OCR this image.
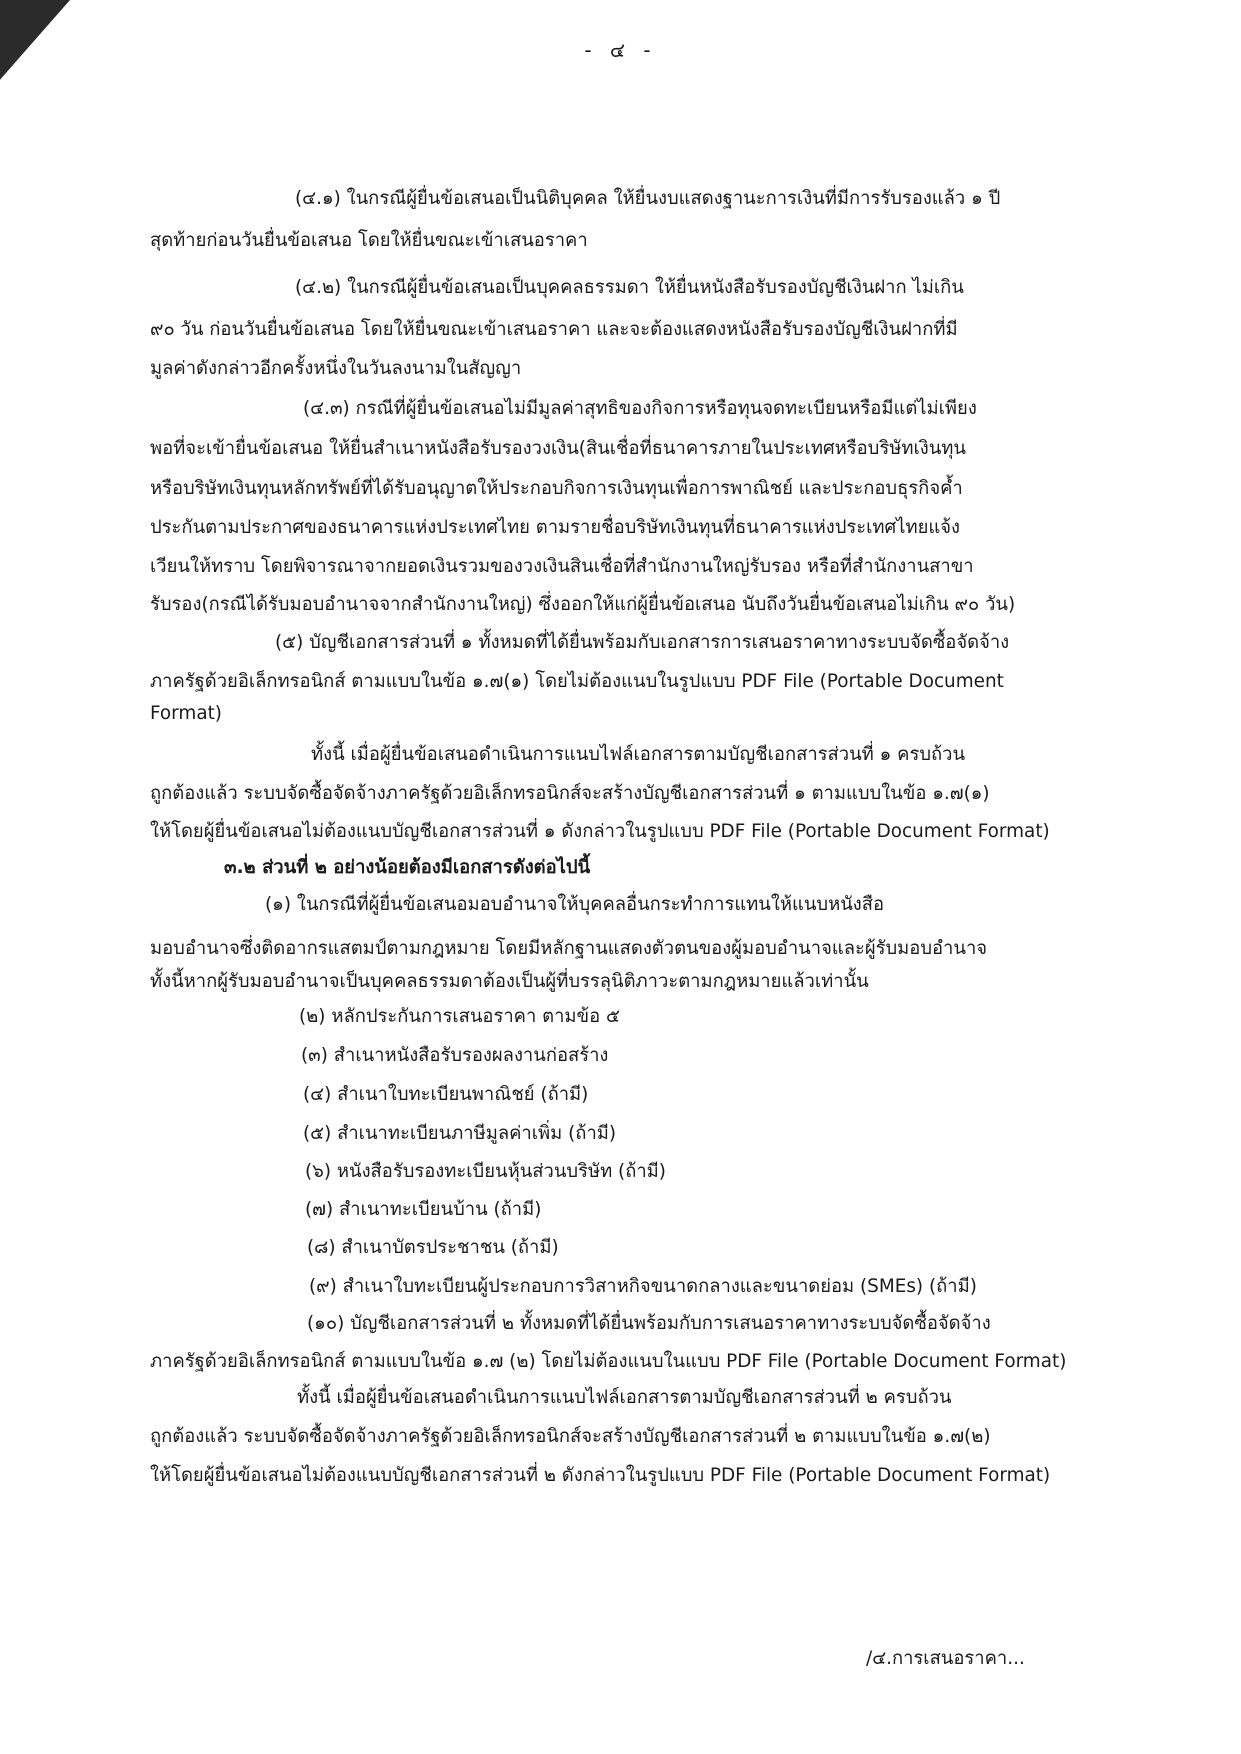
- ๔ -
(๔.๑) ในกรณีผู้ยื่นข้อเสนอเป็นนิติบุคคล ให้ยื่นงบแสดงฐานะการเงินที่มีการรับรองแล้ว ๑ ปี
สุดท้ายก่อนวันยื่นข้อเสนอ โดยให้ยื่นขณะเข้าเสนอราคา
(๔.๒) ในกรณีผู้ยื่นข้อเสนอเป็นบุคคลธรรมดา ให้ยื่นหนังสือรับรองบัญชีเงินฝาก ไม่เกิน
๙๐ วัน ก่อนวันยื่นข้อเสนอ โดยให้ยื่นขณะเข้าเสนอราคา และจะต้องแสดงหนังสือรับรองบัญชีเงินฝากที่มี
มูลค่าดังกล่าวอีกครั้งหนึ่งในวันลงนามในสัญญา
(๔.๓) กรณีที่ผู้ยื่นข้อเสนอไม่มีมูลค่าสุทธิของกิจการหรือทุนจดทะเบียนหรือมีแต่ไม่เพียง
พอที่จะเข้ายื่นข้อเสนอ ให้ยื่นสำเนาหนังสือรับรองวงเงิน(สินเชื่อที่ธนาคารภายในประเทศหรือบริษัทเงินทุน
หรือบริษัทเงินทุนหลักทรัพย์ที่ได้รับอนุญาตให้ประกอบกิจการเงินทุนเพื่อการพาณิชย์ และประกอบธุรกิจค้ำ
ประกันตามประกาศของธนาคารแห่งประเทศไทย ตามรายชื่อบริษัทเงินทุนที่ธนาคารแห่งประเทศไทยแจ้ง
เวียนให้ทราบ โดยพิจารณาจากยอดเงินรวมของวงเงินสินเชื่อที่สำนักงานใหญ่รับรอง หรือที่สำนักงานสาขา
รับรอง(กรณีได้รับมอบอำนาจจากสำนักงานใหญ่) ซึ่งออกให้แก่ผู้ยื่นข้อเสนอ นับถึงวันยื่นข้อเสนอไม่เกิน ๙๐ วัน)
(๕) บัญชีเอกสารส่วนที่ ๑ ทั้งหมดที่ได้ยื่นพร้อมกับเอกสารการเสนอราคาทางระบบจัดซื้อจัดจ้าง
ภาครัฐด้วยอิเล็กทรอนิกส์ ตามแบบในข้อ ๑.๗(๑) โดยไม่ต้องแนบในรูปแบบ PDF File (Portable Document
Format)
ทั้งนี้ เมื่อผู้ยื่นข้อเสนอดำเนินการแนบไฟล์เอกสารตามบัญชีเอกสารส่วนที่ ๑ ครบถ้วน
ถูกต้องแล้ว ระบบจัดซื้อจัดจ้างภาครัฐด้วยอิเล็กทรอนิกส์จะสร้างบัญชีเอกสารส่วนที่ ๑ ตามแบบในข้อ ๑.๗(๑)
ให้โดยผู้ยื่นข้อเสนอไม่ต้องแนบบัญชีเอกสารส่วนที่ ๑ ดังกล่าวในรูปแบบ PDF File (Portable Document Format)
๓.๒ ส่วนที่ ๒ อย่างน้อยต้องมีเอกสารดังต่อไปนี้
(๑) ในกรณีที่ผู้ยื่นข้อเสนอมอบอำนาจให้บุคคลอื่นกระทำการแทนให้แนบหนังสือ
มอบอำนาจซึ่งติดอากรแสตมป์ตามกฎหมาย โดยมีหลักฐานแสดงตัวตนของผู้มอบอำนาจและผู้รับมอบอำนาจ
ทั้งนี้หากผู้รับมอบอำนาจเป็นบุคคลธรรมดาต้องเป็นผู้ที่บรรลุนิติภาวะตามกฎหมายแล้วเท่านั้น
(๒) หลักประกันการเสนอราคา ตามข้อ ๕
(๓) สำเนาหนังสือรับรองผลงานก่อสร้าง
(๔) สำเนาใบทะเบียนพาณิชย์ (ถ้ามี)
(๕) สำเนาทะเบียนภาษีมูลค่าเพิ่ม (ถ้ามี)
(๖) หนังสือรับรองทะเบียนหุ้นส่วนบริษัท (ถ้ามี)
(๗) สำเนาทะเบียนบ้าน (ถ้ามี)
(๘) สำเนาบัตรประชาชน (ถ้ามี)
(๙) สำเนาใบทะเบียนผู้ประกอบการวิสาหกิจขนาดกลางและขนาดย่อม (SMEs) (ถ้ามี)
(๑๐) บัญชีเอกสารส่วนที่ ๒ ทั้งหมดที่ได้ยื่นพร้อมกับการเสนอราคาทางระบบจัดซื้อจัดจ้าง
ภาครัฐด้วยอิเล็กทรอนิกส์ ตามแบบในข้อ ๑.๗ (๒) โดยไม่ต้องแนบในแบบ PDF File (Portable Document Format)
ทั้งนี้ เมื่อผู้ยื่นข้อเสนอดำเนินการแนบไฟล์เอกสารตามบัญชีเอกสารส่วนที่ ๒ ครบถ้วน
ถูกต้องแล้ว ระบบจัดซื้อจัดจ้างภาครัฐด้วยอิเล็กทรอนิกส์จะสร้างบัญชีเอกสารส่วนที่ ๒ ตามแบบในข้อ ๑.๗(๒)
ให้โดยผู้ยื่นข้อเสนอไม่ต้องแนบบัญชีเอกสารส่วนที่ ๒ ดังกล่าวในรูปแบบ PDF File (Portable Document Format)
/๔.การเสนอราคา...
